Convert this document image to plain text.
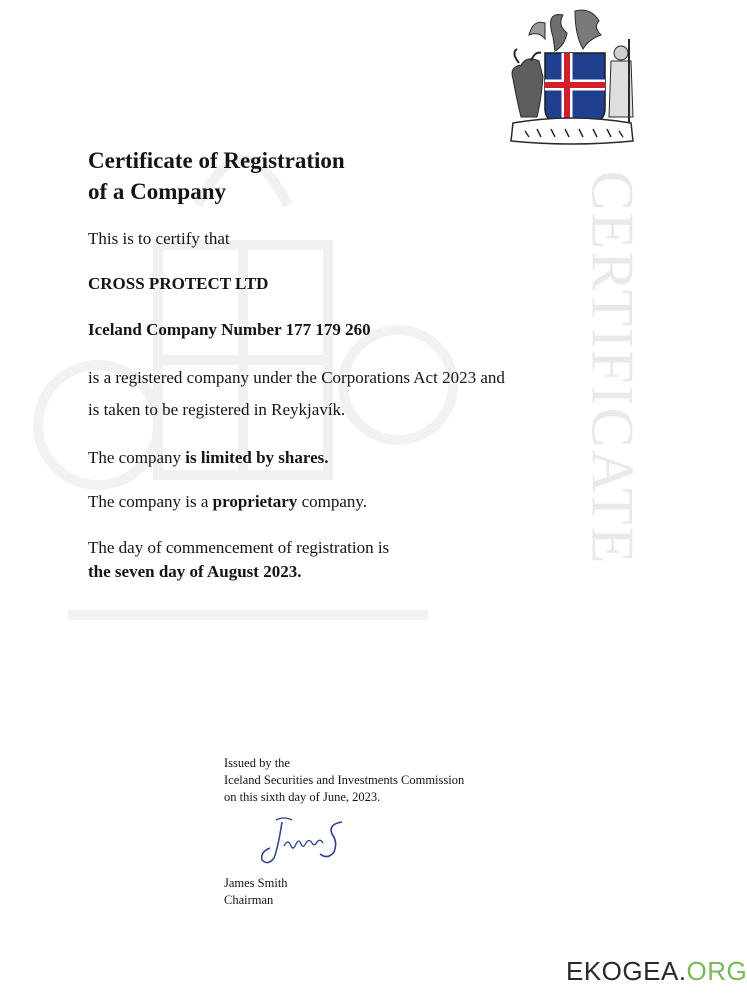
CERTIFICATE
Certificate of Registration
of a Company

This is to certify that

CROSS PROTECT LTD

Iceland Company Number 177 179 260

is a registered company under the Corporations Act 2023 and

is taken to be registered in Reykjavík.

The company is limited by shares.

The company is a proprietary company.

The day of commencement of registration is

the seven day of August 2023.

Issued by the
Iceland Securities and Investments Commission
on this sixth day of June, 2023.
James Smith
Chairman
EKOGEA.ORG
